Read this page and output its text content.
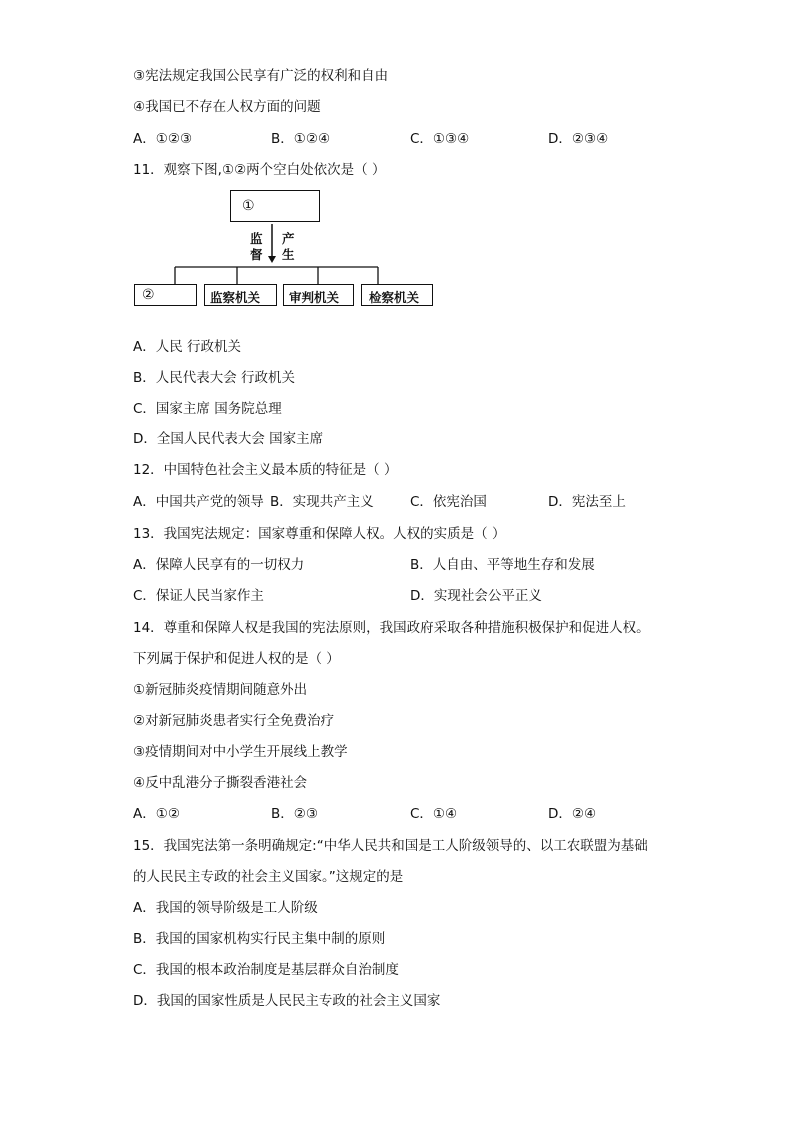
③宪法规定我国公民享有广泛的权利和自由
④我国已不存在人权方面的问题
A．①②③	B．①②④	C．①③④	D．②③④
11．观察下图,①②两个空白处依次是（ ）
①
监
督
产
生
②	监察机关 审判机关 检察机关
A．人民 行政机关
B．人民代表大会 行政机关
C．国家主席 国务院总理
D．全国人民代表大会 国家主席
12．中国特色社会主义最本质的特征是（ ）
A．中国共产党的领导 B．实现共产主义	C．依宪治国	D．宪法至上
13．我国宪法规定：国家尊重和保障人权。人权的实质是（ ）
A．保障人民享有的一切权力	B．人自由、平等地生存和发展
C．保证人民当家作主	D．实现社会公平正义
14．尊重和保障人权是我国的宪法原则，我国政府采取各种措施积极保护和促进人权。
下列属于保护和促进人权的是（ ）
①新冠肺炎疫情期间随意外出
②对新冠肺炎患者实行全免费治疗
③疫情期间对中小学生开展线上教学
④反中乱港分子撕裂香港社会
A．①②	B．②③	C．①④	D．②④
15．我国宪法第一条明确规定:“中华人民共和国是工人阶级领导的、以工农联盟为基础
的人民民主专政的社会主义国家。”这规定的是
A．我国的领导阶级是工人阶级
B．我国的国家机构实行民主集中制的原则
C．我国的根本政治制度是基层群众自治制度
D．我国的国家性质是人民民主专政的社会主义国家
